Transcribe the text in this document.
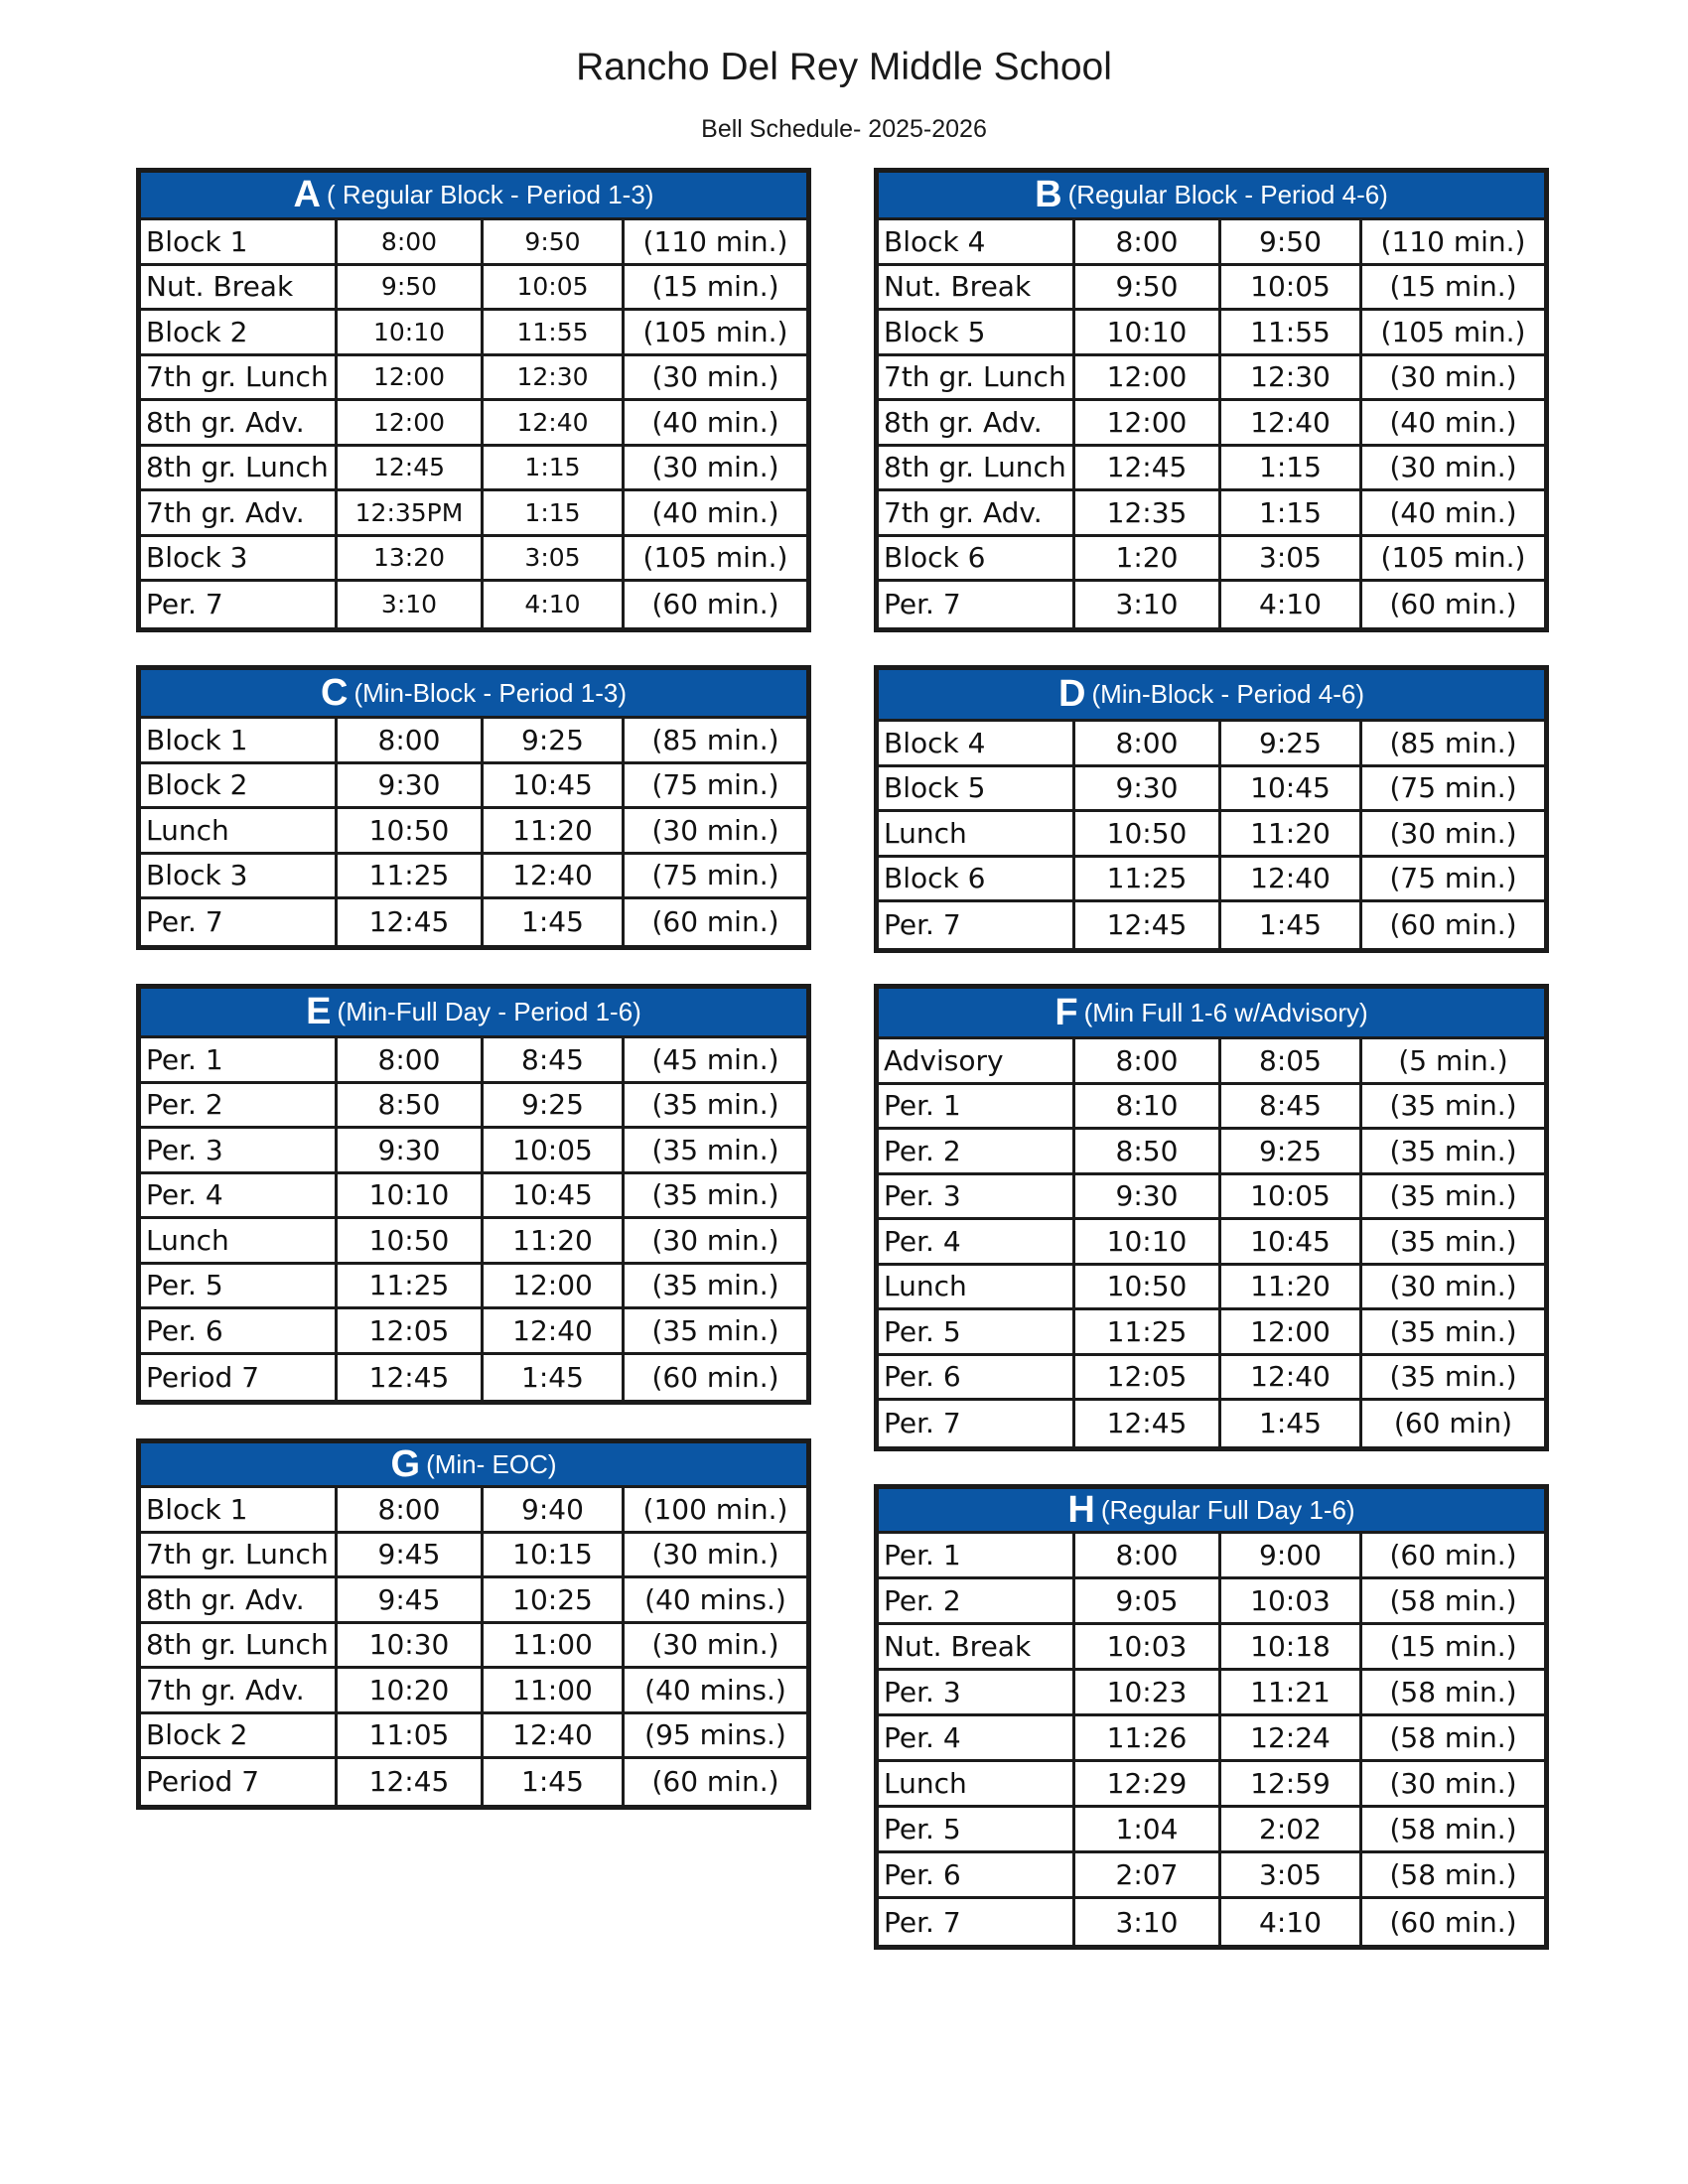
Rancho Del Rey Middle School
Bell Schedule- 2025-2026
A ( Regular Block - Period 1-3)
Block 1	8:00	9:50	(110 min.)
Nut. Break	9:50	10:05	(15 min.)
Block 2	10:10	11:55	(105 min.)
7th gr. Lunch	12:00	12:30	(30 min.)
8th gr. Adv.	12:00	12:40	(40 min.)
8th gr. Lunch	12:45	1:15	(30 min.)
7th gr. Adv.	12:35PM	1:15	(40 min.)
Block 3	13:20	3:05	(105 min.)
Per. 7	3:10	4:10	(60 min.)
B (Regular Block - Period 4-6)
Block 4	8:00	9:50	(110 min.)
Nut. Break	9:50	10:05	(15 min.)
Block 5	10:10	11:55	(105 min.)
7th gr. Lunch	12:00	12:30	(30 min.)
8th gr. Adv.	12:00	12:40	(40 min.)
8th gr. Lunch	12:45	1:15	(30 min.)
7th gr. Adv.	12:35	1:15	(40 min.)
Block 6	1:20	3:05	(105 min.)
Per. 7	3:10	4:10	(60 min.)
C (Min-Block - Period 1-3)
Block 1	8:00	9:25	(85 min.)
Block 2	9:30	10:45	(75 min.)
Lunch	10:50	11:20	(30 min.)
Block 3	11:25	12:40	(75 min.)
Per. 7	12:45	1:45	(60 min.)
D (Min-Block - Period 4-6)
Block 4	8:00	9:25	(85 min.)
Block 5	9:30	10:45	(75 min.)
Lunch	10:50	11:20	(30 min.)
Block 6	11:25	12:40	(75 min.)
Per. 7	12:45	1:45	(60 min.)
E (Min-Full Day - Period 1-6)
Per. 1	8:00	8:45	(45 min.)
Per. 2	8:50	9:25	(35 min.)
Per. 3	9:30	10:05	(35 min.)
Per. 4	10:10	10:45	(35 min.)
Lunch	10:50	11:20	(30 min.)
Per. 5	11:25	12:00	(35 min.)
Per. 6	12:05	12:40	(35 min.)
Period 7	12:45	1:45	(60 min.)
F (Min Full 1-6 w/Advisory)
Advisory	8:00	8:05	(5 min.)
Per. 1	8:10	8:45	(35 min.)
Per. 2	8:50	9:25	(35 min.)
Per. 3	9:30	10:05	(35 min.)
Per. 4	10:10	10:45	(35 min.)
Lunch	10:50	11:20	(30 min.)
Per. 5	11:25	12:00	(35 min.)
Per. 6	12:05	12:40	(35 min.)
Per. 7	12:45	1:45	(60 min)
G (Min- EOC)
Block 1	8:00	9:40	(100 min.)
7th gr. Lunch	9:45	10:15	(30 min.)
8th gr. Adv.	9:45	10:25	(40 mins.)
8th gr. Lunch	10:30	11:00	(30 min.)
7th gr. Adv.	10:20	11:00	(40 mins.)
Block 2	11:05	12:40	(95 mins.)
Period 7	12:45	1:45	(60 min.)
H (Regular Full Day 1-6)
Per. 1	8:00	9:00	(60 min.)
Per. 2	9:05	10:03	(58 min.)
Nut. Break	10:03	10:18	(15 min.)
Per. 3	10:23	11:21	(58 min.)
Per. 4	11:26	12:24	(58 min.)
Lunch	12:29	12:59	(30 min.)
Per. 5	1:04	2:02	(58 min.)
Per. 6	2:07	3:05	(58 min.)
Per. 7	3:10	4:10	(60 min.)
